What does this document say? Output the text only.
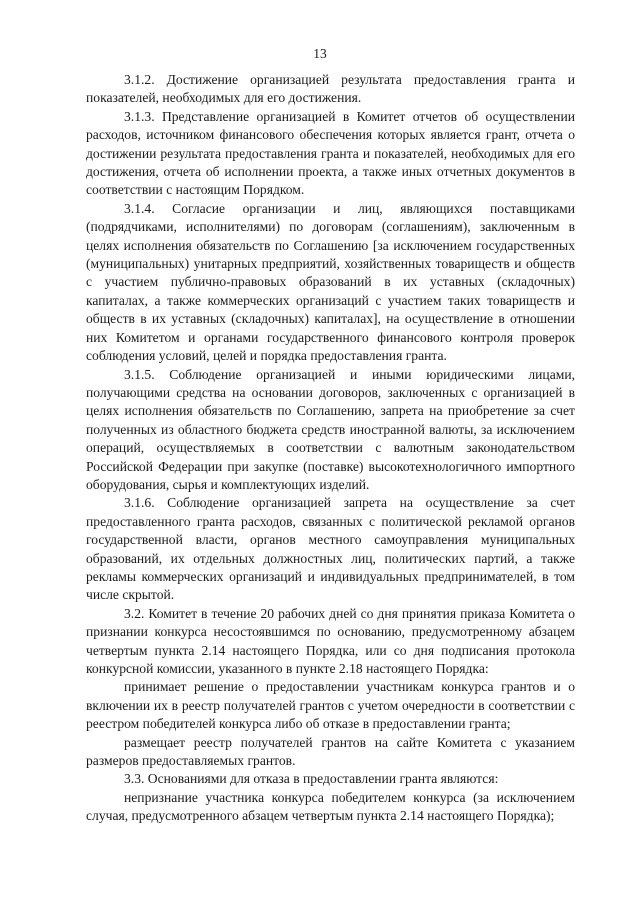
13

3.1.2. Достижение организацией результата предоставления гранта и показателей, необходимых для его достижения.

3.1.3. Представление организацией в Комитет отчетов об осуществлении расходов, источником финансового обеспечения которых является грант, отчета о достижении результата предоставления гранта и показателей, необходимых для его достижения, отчета об исполнении проекта, а также иных отчетных документов в соответствии с настоящим Порядком.

3.1.4. Согласие организации и лиц, являющихся поставщиками (подрядчиками, исполнителями) по договорам (соглашениям), заключенным в целях исполнения обязательств по Соглашению [за исключением государственных (муниципальных) унитарных предприятий, хозяйственных товариществ и обществ с участием публично-правовых образований в их уставных (складочных) капиталах, а также коммерческих организаций с участием таких товариществ и обществ в их уставных (складочных) капиталах], на осуществление в отношении них Комитетом и органами государственного финансового контроля проверок соблюдения условий, целей и порядка предоставления гранта.

3.1.5. Соблюдение организацией и иными юридическими лицами, получающими средства на основании договоров, заключенных с организацией в целях исполнения обязательств по Соглашению, запрета на приобретение за счет полученных из областного бюджета средств иностранной валюты, за исключением операций, осуществляемых в соответствии с валютным законодательством Российской Федерации при закупке (поставке) высокотехнологичного импортного оборудования, сырья и комплектующих изделий.

3.1.6. Соблюдение организацией запрета на осуществление за счет предоставленного гранта расходов, связанных с политической рекламой органов государственной власти, органов местного самоуправления муниципальных образований, их отдельных должностных лиц, политических партий, а также рекламы коммерческих организаций и индивидуальных предпринимателей, в том числе скрытой.

3.2. Комитет в течение 20 рабочих дней со дня принятия приказа Комитета о признании конкурса несостоявшимся по основанию, предусмотренному абзацем четвертым пункта 2.14 настоящего Порядка, или со дня подписания протокола конкурсной комиссии, указанного в пункте 2.18 настоящего Порядка:

принимает решение о предоставлении участникам конкурса грантов и о включении их в реестр получателей грантов с учетом очередности в соответствии с реестром победителей конкурса либо об отказе в предоставлении гранта;

размещает реестр получателей грантов на сайте Комитета с указанием размеров предоставляемых грантов.

3.3. Основаниями для отказа в предоставлении гранта являются:

непризнание участника конкурса победителем конкурса (за исключением случая, предусмотренного абзацем четвертым пункта 2.14 настоящего Порядка);
